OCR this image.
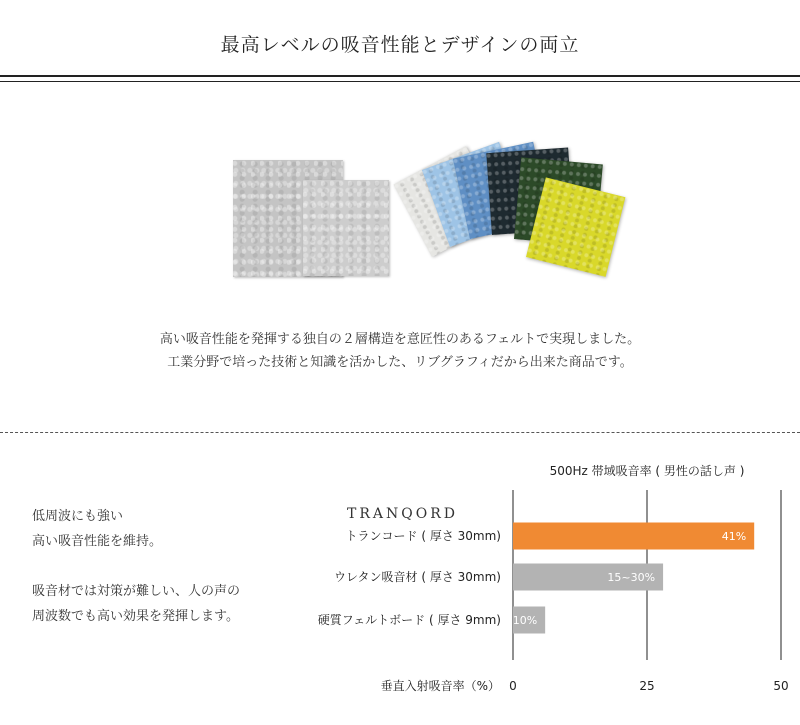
最高レベルの吸音性能とデザインの両立
高い吸音性能を発揮する独自の２層構造を意匠性のあるフェルトで実現しました。
工業分野で培った技術と知識を活かした、リブグラフィだから出来た商品です。
低周波にも強い
高い吸音性能を維持。
吸音材では対策が難しい、人の声の
周波数でも高い効果を発揮します。
500Hz 帯域吸音率 ( 男性の話し声 )
TRANQORD
0	25	50
垂直入射吸音率（%）
41%
トランコード ( 厚さ 30mm)
15~30%
ウレタン吸音材 ( 厚さ 30mm)
7~10%
硬質フェルトボード ( 厚さ 9mm)
